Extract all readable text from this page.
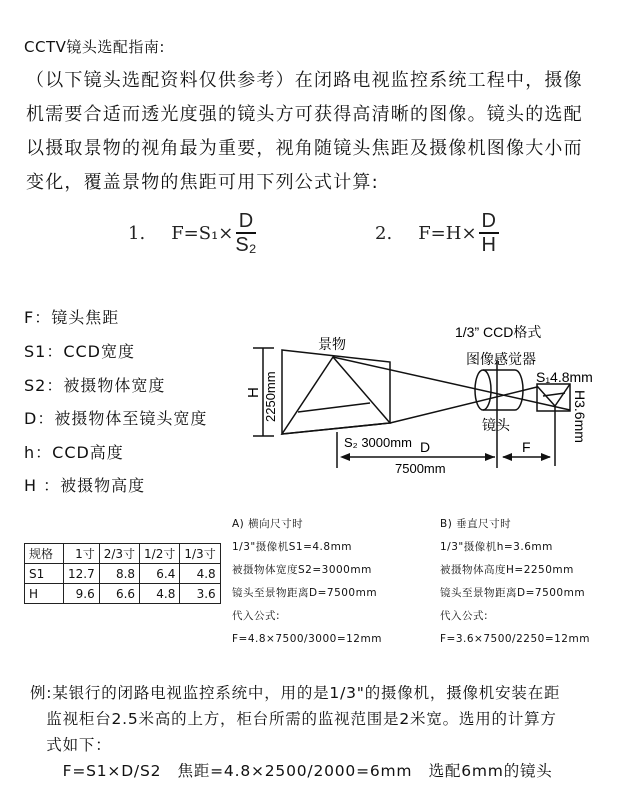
CCTV镜头选配指南:
（以下镜头选配资料仅供参考）在闭路电视监控系统工程中，摄像
机需要合适而透光度强的镜头方可获得高清晰的图像。镜头的选配
以摄取景物的视角最为重要，视角随镜头焦距及摄像机图像大小而
变化，覆盖景物的焦距可用下列公式计算:
1. $F=S_1\times \frac{D}{\text{S₂}}$	2. $F=H\times \frac{D}{H}$
F：镜头焦距
S1：CCD宽度
S2：被摄物体宽度
D：被摄物体至镜头宽度
h：CCD高度
H ：被摄物高度
景物
1/3” CCD格式
图像感觉器
S₁4.8mm
镜头	H3.6mm
H 2250mm
S₂ 3000mm D
7500mm
F
规格	1寸	2/3寸	1/2寸	1/3寸
S1	12.7	8.8	6.4	4.8
H	9.6	6.6	4.8	3.6
A) 横向尺寸时
1/3"摄像机S1=4.8mm
被摄物体宽度S2=3000mm
镜头至景物距离D=7500mm
代入公式:
F=4.8×7500/3000=12mm
B) 垂直尺寸时
1/3"摄像机h=3.6mm
被摄物体高度H=2250mm
镜头至景物距离D=7500mm
代入公式:
F=3.6×7500/2250=12mm
例:某银行的闭路电视监控系统中，用的是1/3"的摄像机，摄像机安装在距
　监视柜台2.5米高的上方，柜台所需的监视范围是2米宽。选用的计算方
　式如下：
　　F=S1×D/S2　焦距=4.8×2500/2000=6mm　选配6mm的镜头
